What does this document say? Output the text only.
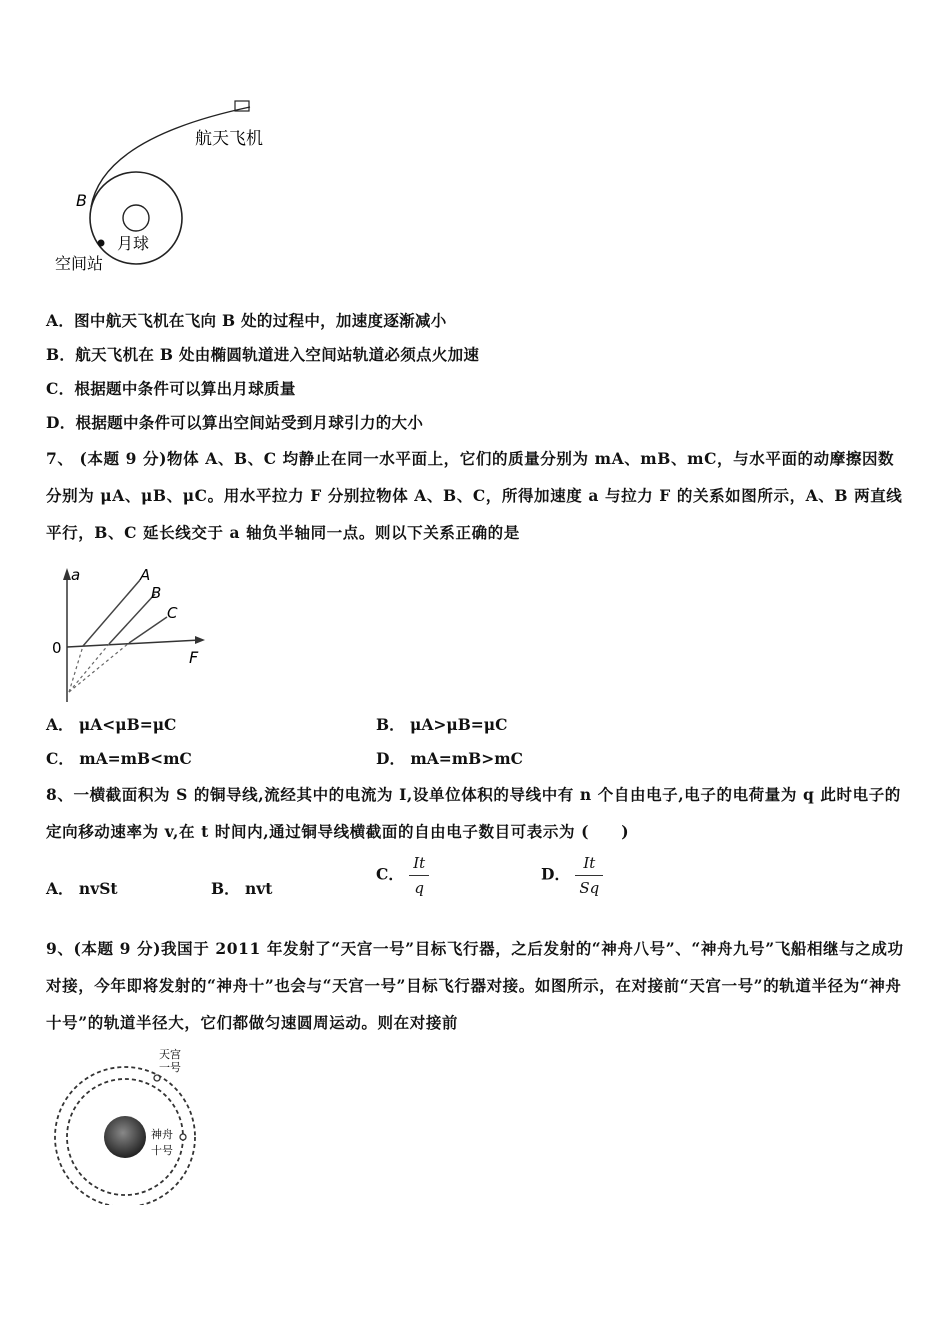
航天飞机
B
月球
空间站
A．图中航天飞机在飞向 B 处的过程中，加速度逐渐减小
B．航天飞机在 B 处由椭圆轨道进入空间站轨道必须点火加速
C．根据题中条件可以算出月球质量
D．根据题中条件可以算出空间站受到月球引力的大小
7、 (本题 9 分)物体 A、B、C 均静止在同一水平面上，它们的质量分别为 mA、mB、mC，与水平面的动摩擦因数分别为 μA、μB、μC。用水平拉力 F 分别拉物体 A、B、C，所得加速度 a 与拉力 F 的关系如图所示，A、B 两直线平行，B、C 延长线交于 a 轴负半轴同一点。则以下关系正确的是
a	A
B
C
0	F
A． μA<μB=μC	B． μA>μB=μC
C． mA=mB<mC	D． mA=mB>mC
8、一横截面积为 S 的铜导线,流经其中的电流为 I,设单位体积的导线中有 n 个自由电子,电子的电荷量为 q 此时电子的定向移动速率为 v,在 t 时间内,通过铜导线横截面的自由电子数目可表示为 (　　)
A． nvSt	B． nvt
C． $\frac{It}{q}$	D． $\frac{It}{Sq}$
9、(本题 9 分)我国于 2011 年发射了“天宫一号”目标飞行器，之后发射的“神舟八号”、“神舟九号”飞船相继与之成功对接，今年即将发射的“神舟十”也会与“天宫一号”目标飞行器对接。如图所示，在对接前“天宫一号”的轨道半径为“神舟十号”的轨道半径大，它们都做匀速圆周运动。则在对接前
天宫
一号
神舟
十号
